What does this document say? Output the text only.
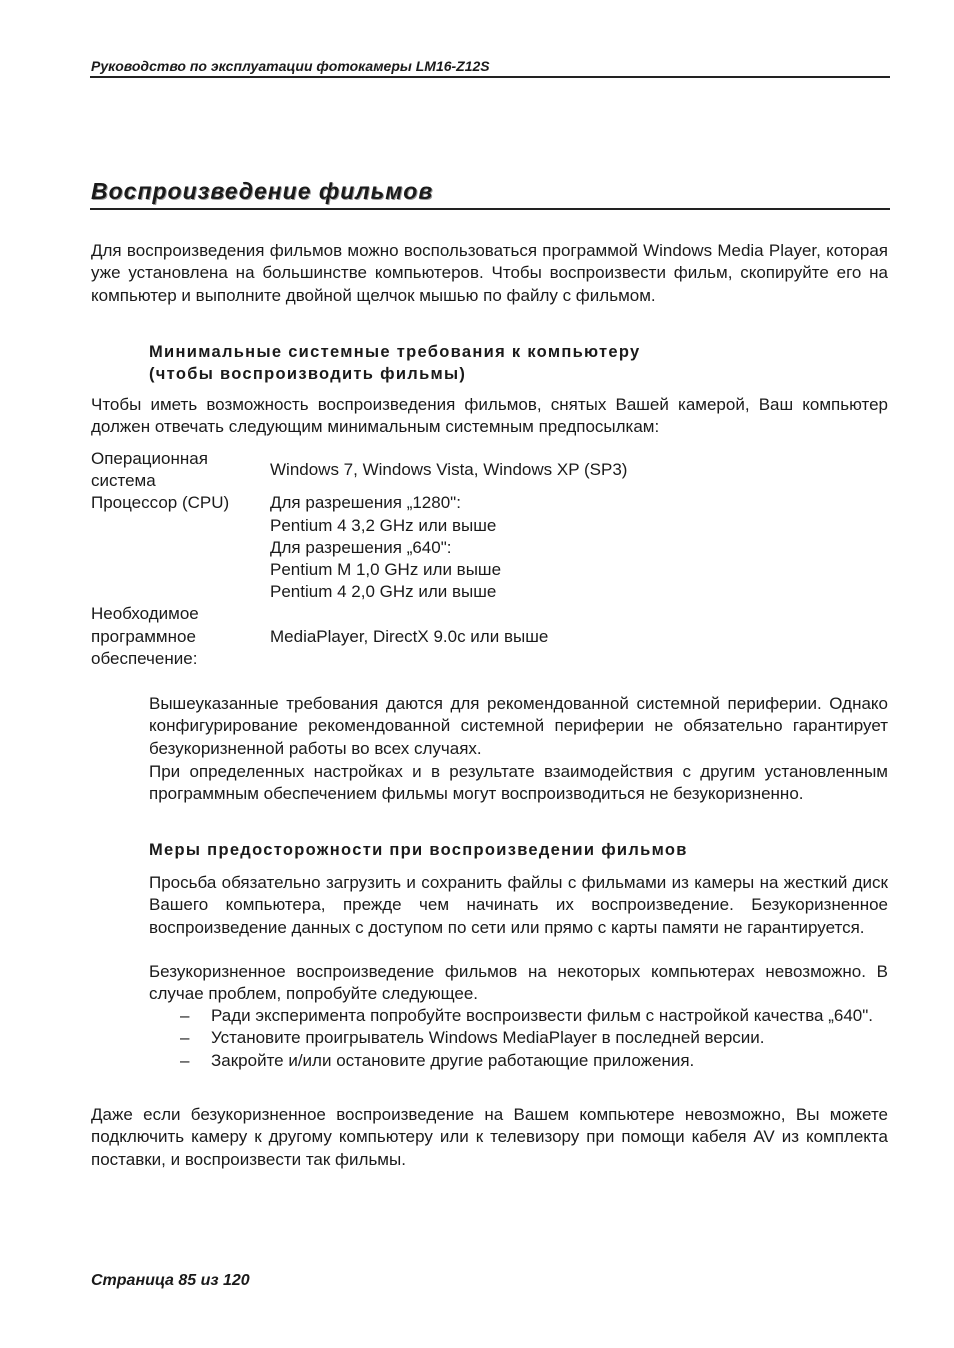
Руководство по эксплуатации фотокамеры LM16-Z12S
Воспроизведение фильмов

Для воспроизведения фильмов можно воспользоваться программой Windows Media Player, которая уже установлена на большинстве компьютеров. Чтобы воспроизвести фильм, скопируйте его на компьютер и выполните двойной щелчок мышью по файлу с фильмом.

Минимальные системные требования к компьютеру
(чтобы воспроизводить фильмы)

Чтобы иметь возможность воспроизведения фильмов, снятых Вашей камерой, Ваш компьютер должен отвечать следующим минимальным системным предпосылкам:

Операционная
система	Windows 7, Windows Vista, Windows XP (SP3)

Процессор (CPU)	Для разрешения „1280":
Pentium 4 3,2 GHz или выше
Для разрешения „640":
Pentium M 1,0 GHz или выше
Pentium 4 2,0 GHz или выше

Необходимое
программное
обеспечение:	MediaPlayer, DirectX 9.0c или выше

Вышеуказанные требования даются для рекомендованной системной периферии. Однако конфигурирование рекомендованной системной периферии не обязательно гарантирует безукоризненной работы во всех случаях.

При определенных настройках и в результате взаимодействия с другим установленным программным обеспечением фильмы могут воспроизводиться не безукоризненно.

Меры предосторожности при воспроизведении фильмов

Просьба обязательно загрузить и сохранить файлы с фильмами из камеры на жесткий диск Вашего компьютера, прежде чем начинать их воспроизведение. Безукоризненное воспроизведение данных с доступом по сети или прямо с карты памяти не гарантируется.

Безукоризненное воспроизведение фильмов на некоторых компьютерах невозможно. В случае проблем, попробуйте следующее.

– Ради эксперимента попробуйте воспроизвести фильм с настройкой качества „640".
– Установите проигрыватель Windows MediaPlayer в последней версии.
– Закройте и/или остановите другие работающие приложения.

Даже если безукоризненное воспроизведение на Вашем компьютере невозможно, Вы можете подключить камеру к другому компьютеру или к телевизору при помощи кабеля AV из комплекта поставки, и воспроизвести так фильмы.

Страница 85 из 120
